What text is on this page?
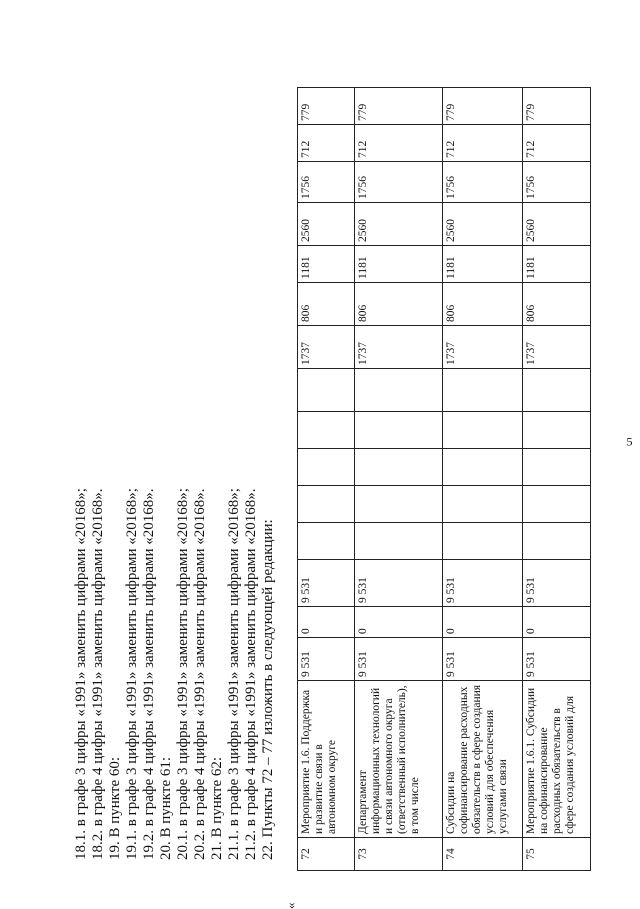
5
18.1. в графе 3 цифры «1991» заменить цифрами «20168»; 18.2. в графе 4 цифры «1991» заменить цифрами «20168». 19. В пункте 60: 19.1. в графе 3 цифры «1991» заменить цифрами «20168»; 19.2. в графе 4 цифры «1991» заменить цифрами «20168». 20. В пункте 61: 20.1. в графе 3 цифры «1991» заменить цифрами «20168»; 20.2. в графе 4 цифры «1991» заменить цифрами «20168». 21. В пункте 62: 21.1. в графе 3 цифры «1991» заменить цифрами «20168»; 21.2. в графе 4 цифры «1991» заменить цифрами «20168». 22. Пункты 72 – 77 изложить в следующей редакции:
«
72	Мероприятие 1.6. Поддержка и развитие связи в автономном округе	9 531	0	9 531						1737	806	1181	2560	1756	712	779
73	Департамент информационных технологий и связи автономного округа (ответственный исполнитель), в том числе	9 531	0	9 531						1737	806	1181	2560	1756	712	779
74	Субсидии на софинансирование расходных обязательств в сфере создания условий для обеспечения услугами связи	9 531	0	9 531						1737	806	1181	2560	1756	712	779
75	Мероприятие 1.6.1. Субсидии на софинансирование расходных обязательств в сфере создания условий для	9 531	0	9 531						1737	806	1181	2560	1756	712	779
